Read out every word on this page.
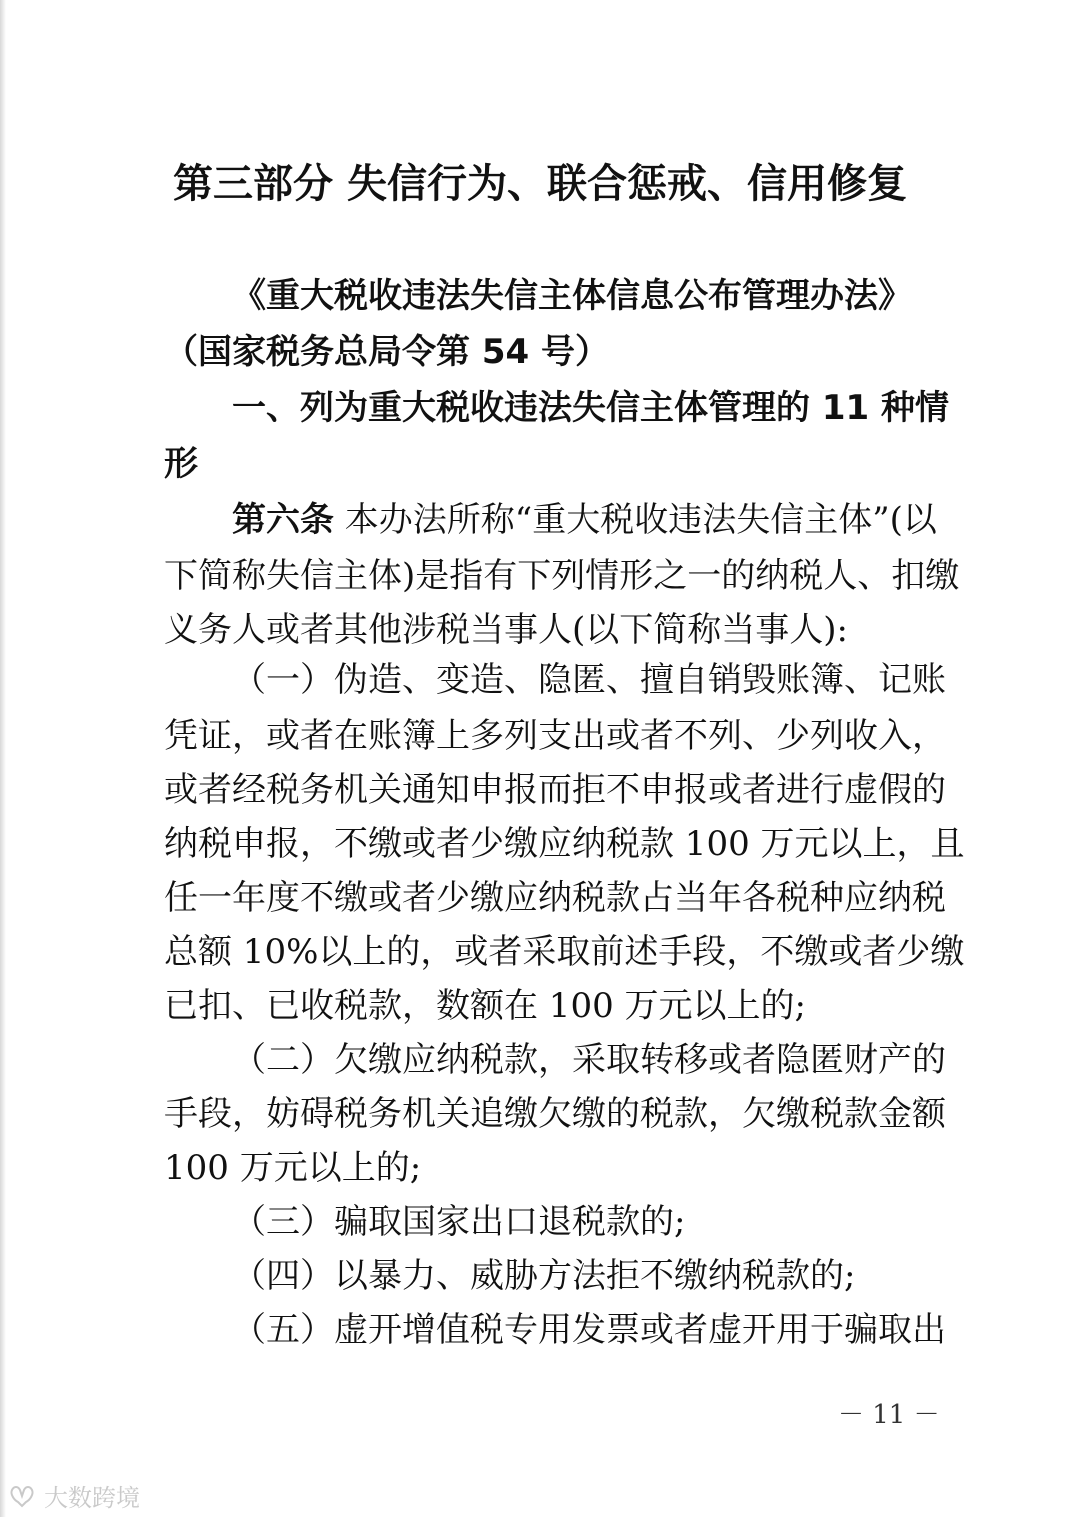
第三部分 失信行为、联合惩戒、信用修复

《重大税收违法失信主体信息公布管理办法》

（国家税务总局令第 54 号）

一、列为重大税收违法失信主体管理的 11 种情

形

第六条 本办法所称“重大税收违法失信主体”(以

下简称失信主体)是指有下列情形之一的纳税人、扣缴

义务人或者其他涉税当事人(以下简称当事人):

（一）伪造、变造、隐匿、擅自销毁账簿、记账

凭证，或者在账簿上多列支出或者不列、少列收入，

或者经税务机关通知申报而拒不申报或者进行虚假的

纳税申报，不缴或者少缴应纳税款 100 万元以上，且

任一年度不缴或者少缴应纳税款占当年各税种应纳税

总额 10%以上的，或者采取前述手段，不缴或者少缴

已扣、已收税款，数额在 100 万元以上的;

（二）欠缴应纳税款，采取转移或者隐匿财产的

手段，妨碍税务机关追缴欠缴的税款，欠缴税款金额

100 万元以上的;

（三）骗取国家出口退税款的;

（四）以暴力、威胁方法拒不缴纳税款的;

（五）虚开增值税专用发票或者虚开用于骗取出

－ 11 －
大数跨境
